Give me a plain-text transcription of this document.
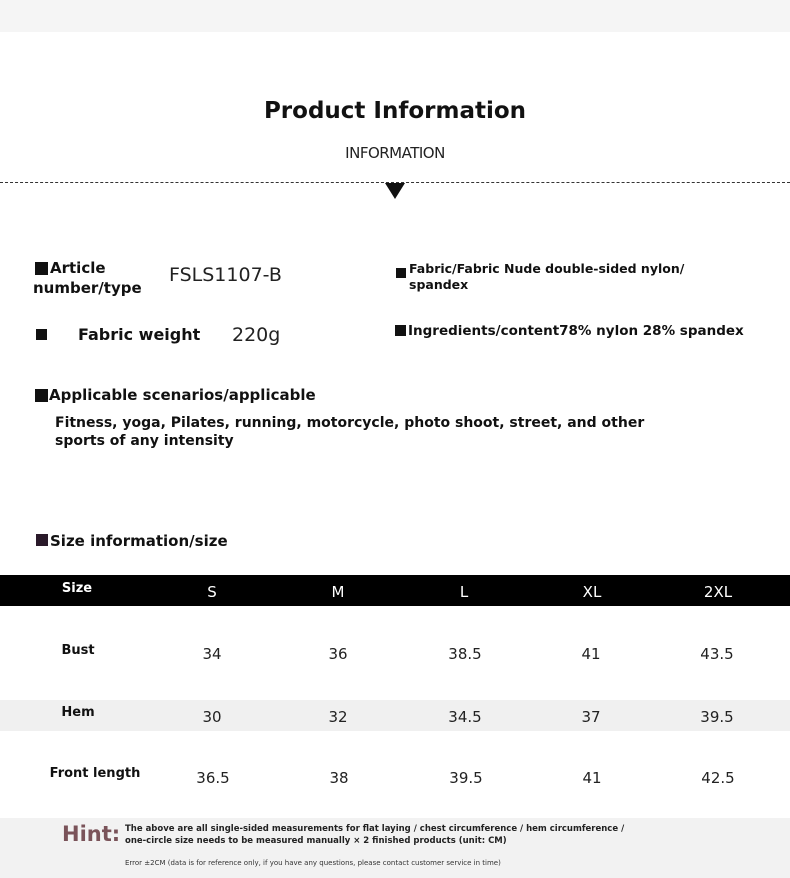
Product Information
INFORMATION
Article
number/type
FSLS1107-B	Fabric/Fabric Nude double-sided nylon/
spandex
Fabric weight 220g	Ingredients/content78% nylon 28% spandex
Applicable scenarios/applicable
Fitness, yoga, Pilates, running, motorcycle, photo shoot, street, and other sports of any intensity
Size information/size
Size	S	M	L	XL	2XL
Bust	34	36	38.5	41	43.5
Hem	30	32	34.5	37	39.5
Front length	36.5	38	39.5	41	42.5
Hint: The above are all single-sided measurements for flat laying / chest circumference / hem circumference /
one-circle size needs to be measured manually × 2 finished products (unit: CM)
Error ±2CM (data is for reference only, if you have any questions, please contact customer service in time)
